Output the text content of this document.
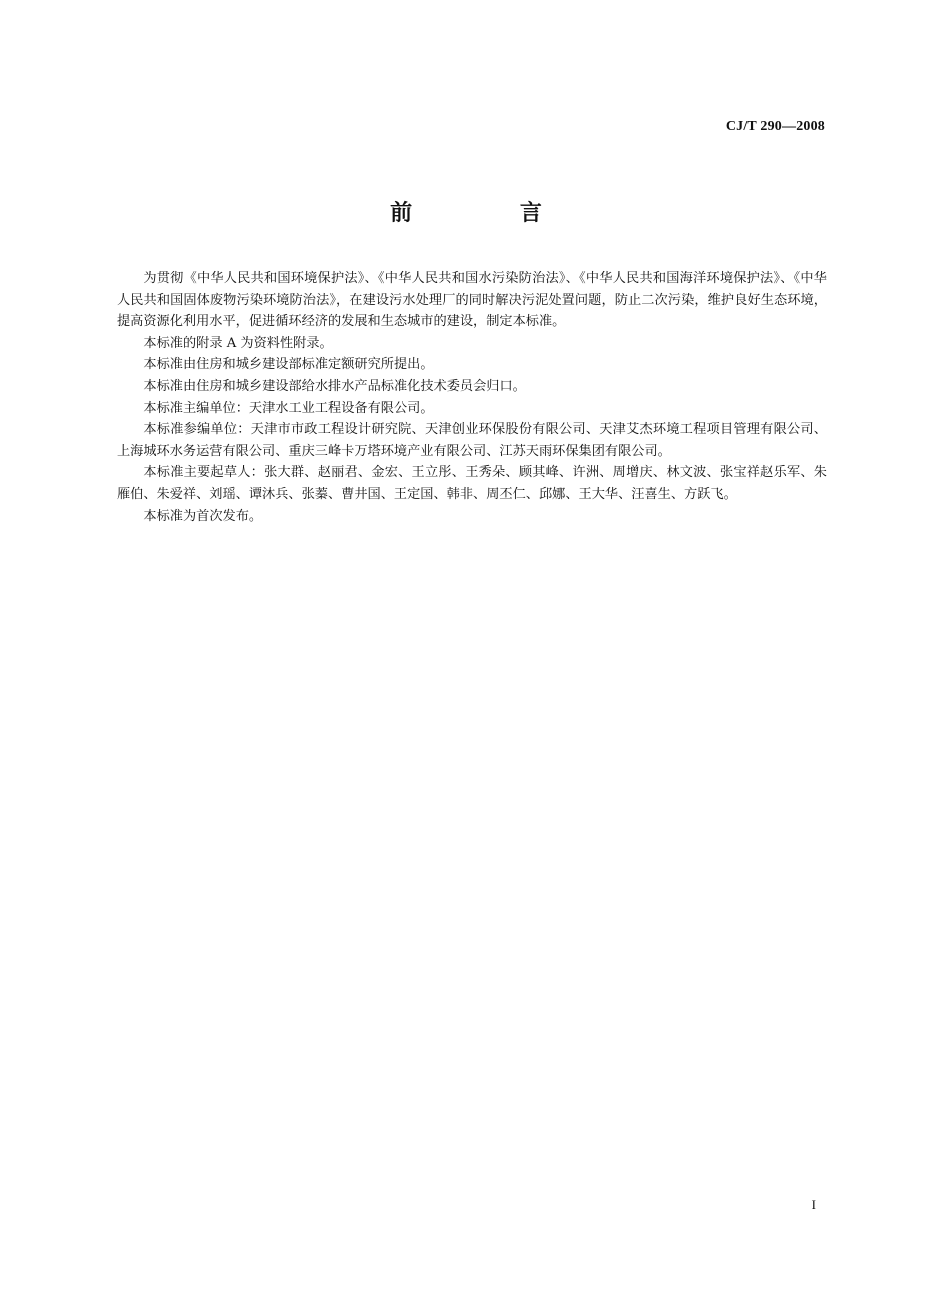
CJ/T 290—2008
前 言

为贯彻《中华人民共和国环境保护法》、《中华人民共和国水污染防治法》、《中华人民共和国海洋环境保护法》、《中华人民共和国固体废物污染环境防治法》，在建设污水处理厂的同时解决污泥处置问题，防止二次污染，维护良好生态环境，提高资源化利用水平，促进循环经济的发展和生态城市的建设，制定本标准。

本标准的附录 A 为资料性附录。

本标准由住房和城乡建设部标准定额研究所提出。

本标准由住房和城乡建设部给水排水产品标准化技术委员会归口。

本标准主编单位：天津水工业工程设备有限公司。

本标准参编单位：天津市市政工程设计研究院、天津创业环保股份有限公司、天津艾杰环境工程项目管理有限公司、上海城环水务运营有限公司、重庆三峰卡万塔环境产业有限公司、江苏天雨环保集团有限公司。

本标准主要起草人：张大群、赵丽君、金宏、王立彤、王秀朵、顾其峰、许洲、周增庆、林文波、张宝祥赵乐军、朱雁伯、朱爱祥、刘瑶、谭沐兵、张蓁、曹井国、王定国、韩非、周丕仁、邱娜、王大华、汪喜生、方跃飞。

本标准为首次发布。

I
